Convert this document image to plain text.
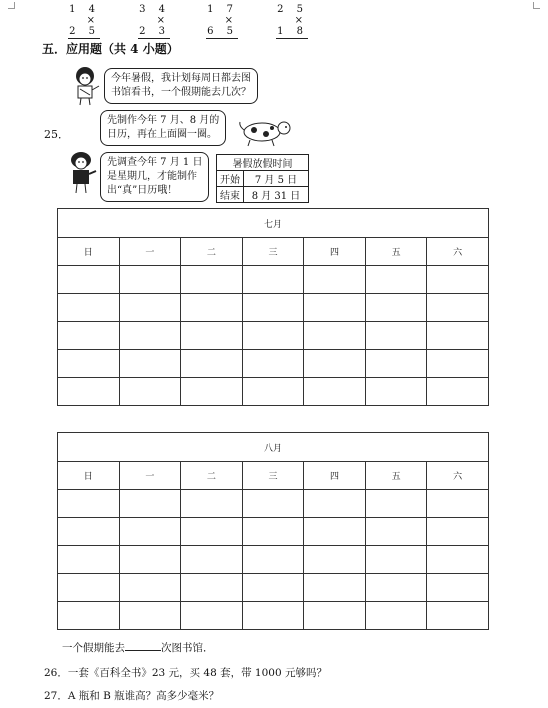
1 4
× 2 5
3 4
× 2 3
1 7
× 6 5
2 5
× 1 8
五．应用题（共 4 小题）
25．
今年暑假，我计划每周日都去图
书馆看书，一个假期能去几次？
先制作今年 7 月、8 月的
日历，再在上面圈一圈。
先调查今年 7 月 1 日
是星期几，才能制作
出“真”日历哦！
暑假放假时间	
开始	7 月 5 日
结束	8 月 31 日
七月						
日	一	二	三	四	五	六

八月						
日	一	二	三	四	五	六

一个假期能去	次图书馆．
26．一套《百科全书》23 元，买 48 套，带 1000 元够吗？
27．A 瓶和 B 瓶谁高？高多少毫米？
